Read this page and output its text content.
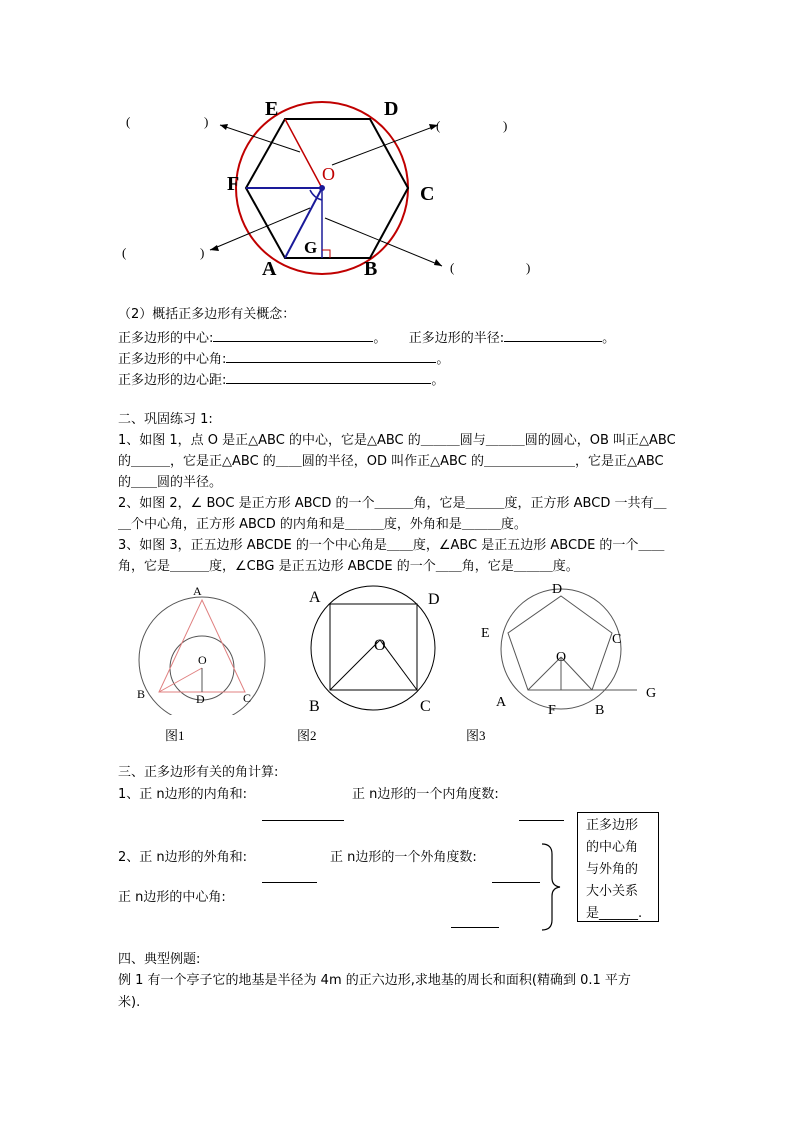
E	D
F	C
A	B
O
G
(	)	(	)
(	)
(	)
（2）概括正多边形有关概念：
正多边形的中心:	。 正多边形的半径:	。
正多边形的中心角:	。
正多边形的边心距:	。
二、巩固练习 1:
1、如图 1，点 O 是正△ABC 的中心，它是△ABC 的＿＿＿圆与＿＿＿圆的圆心，OB 叫正△ABC
的＿＿＿，它是正△ABC 的＿＿圆的半径，OD 叫作正△ABC 的＿＿＿＿＿＿＿，它是正△ABC
的＿＿圆的半径。
2、如图 2，∠ BOC 是正方形 ABCD 的一个＿＿＿角，它是＿＿＿度，正方形 ABCD 一共有＿
＿个中心角，正方形 ABCD 的内角和是＿＿＿度，外角和是＿＿＿度。
3、如图 3，正五边形 ABCDE 的一个中心角是＿＿度，∠ABC 是正五边形 ABCDE 的一个＿＿
角，它是＿＿＿度，∠CBG 是正五边形 ABCDE 的一个＿＿角，它是＿＿＿度。
A
B	C
D
O
图1
A	D
B	C
O
图2
D
C
E
A
B
F
G
O
图3
三、正多边形有关的角计算:
1、正 n边形的内角和:	正 n边形的一个内角度数:
2、正 n边形的外角和:	正 n边形的一个外角度数:
正 n边形的中心角:
正多边形
的中心角
与外角的
大小关系
是______.
四、典型例题:
例 1 有一个亭子它的地基是半径为 4m 的正六边形,求地基的周长和面积(精确到 0.1 平方
米).
